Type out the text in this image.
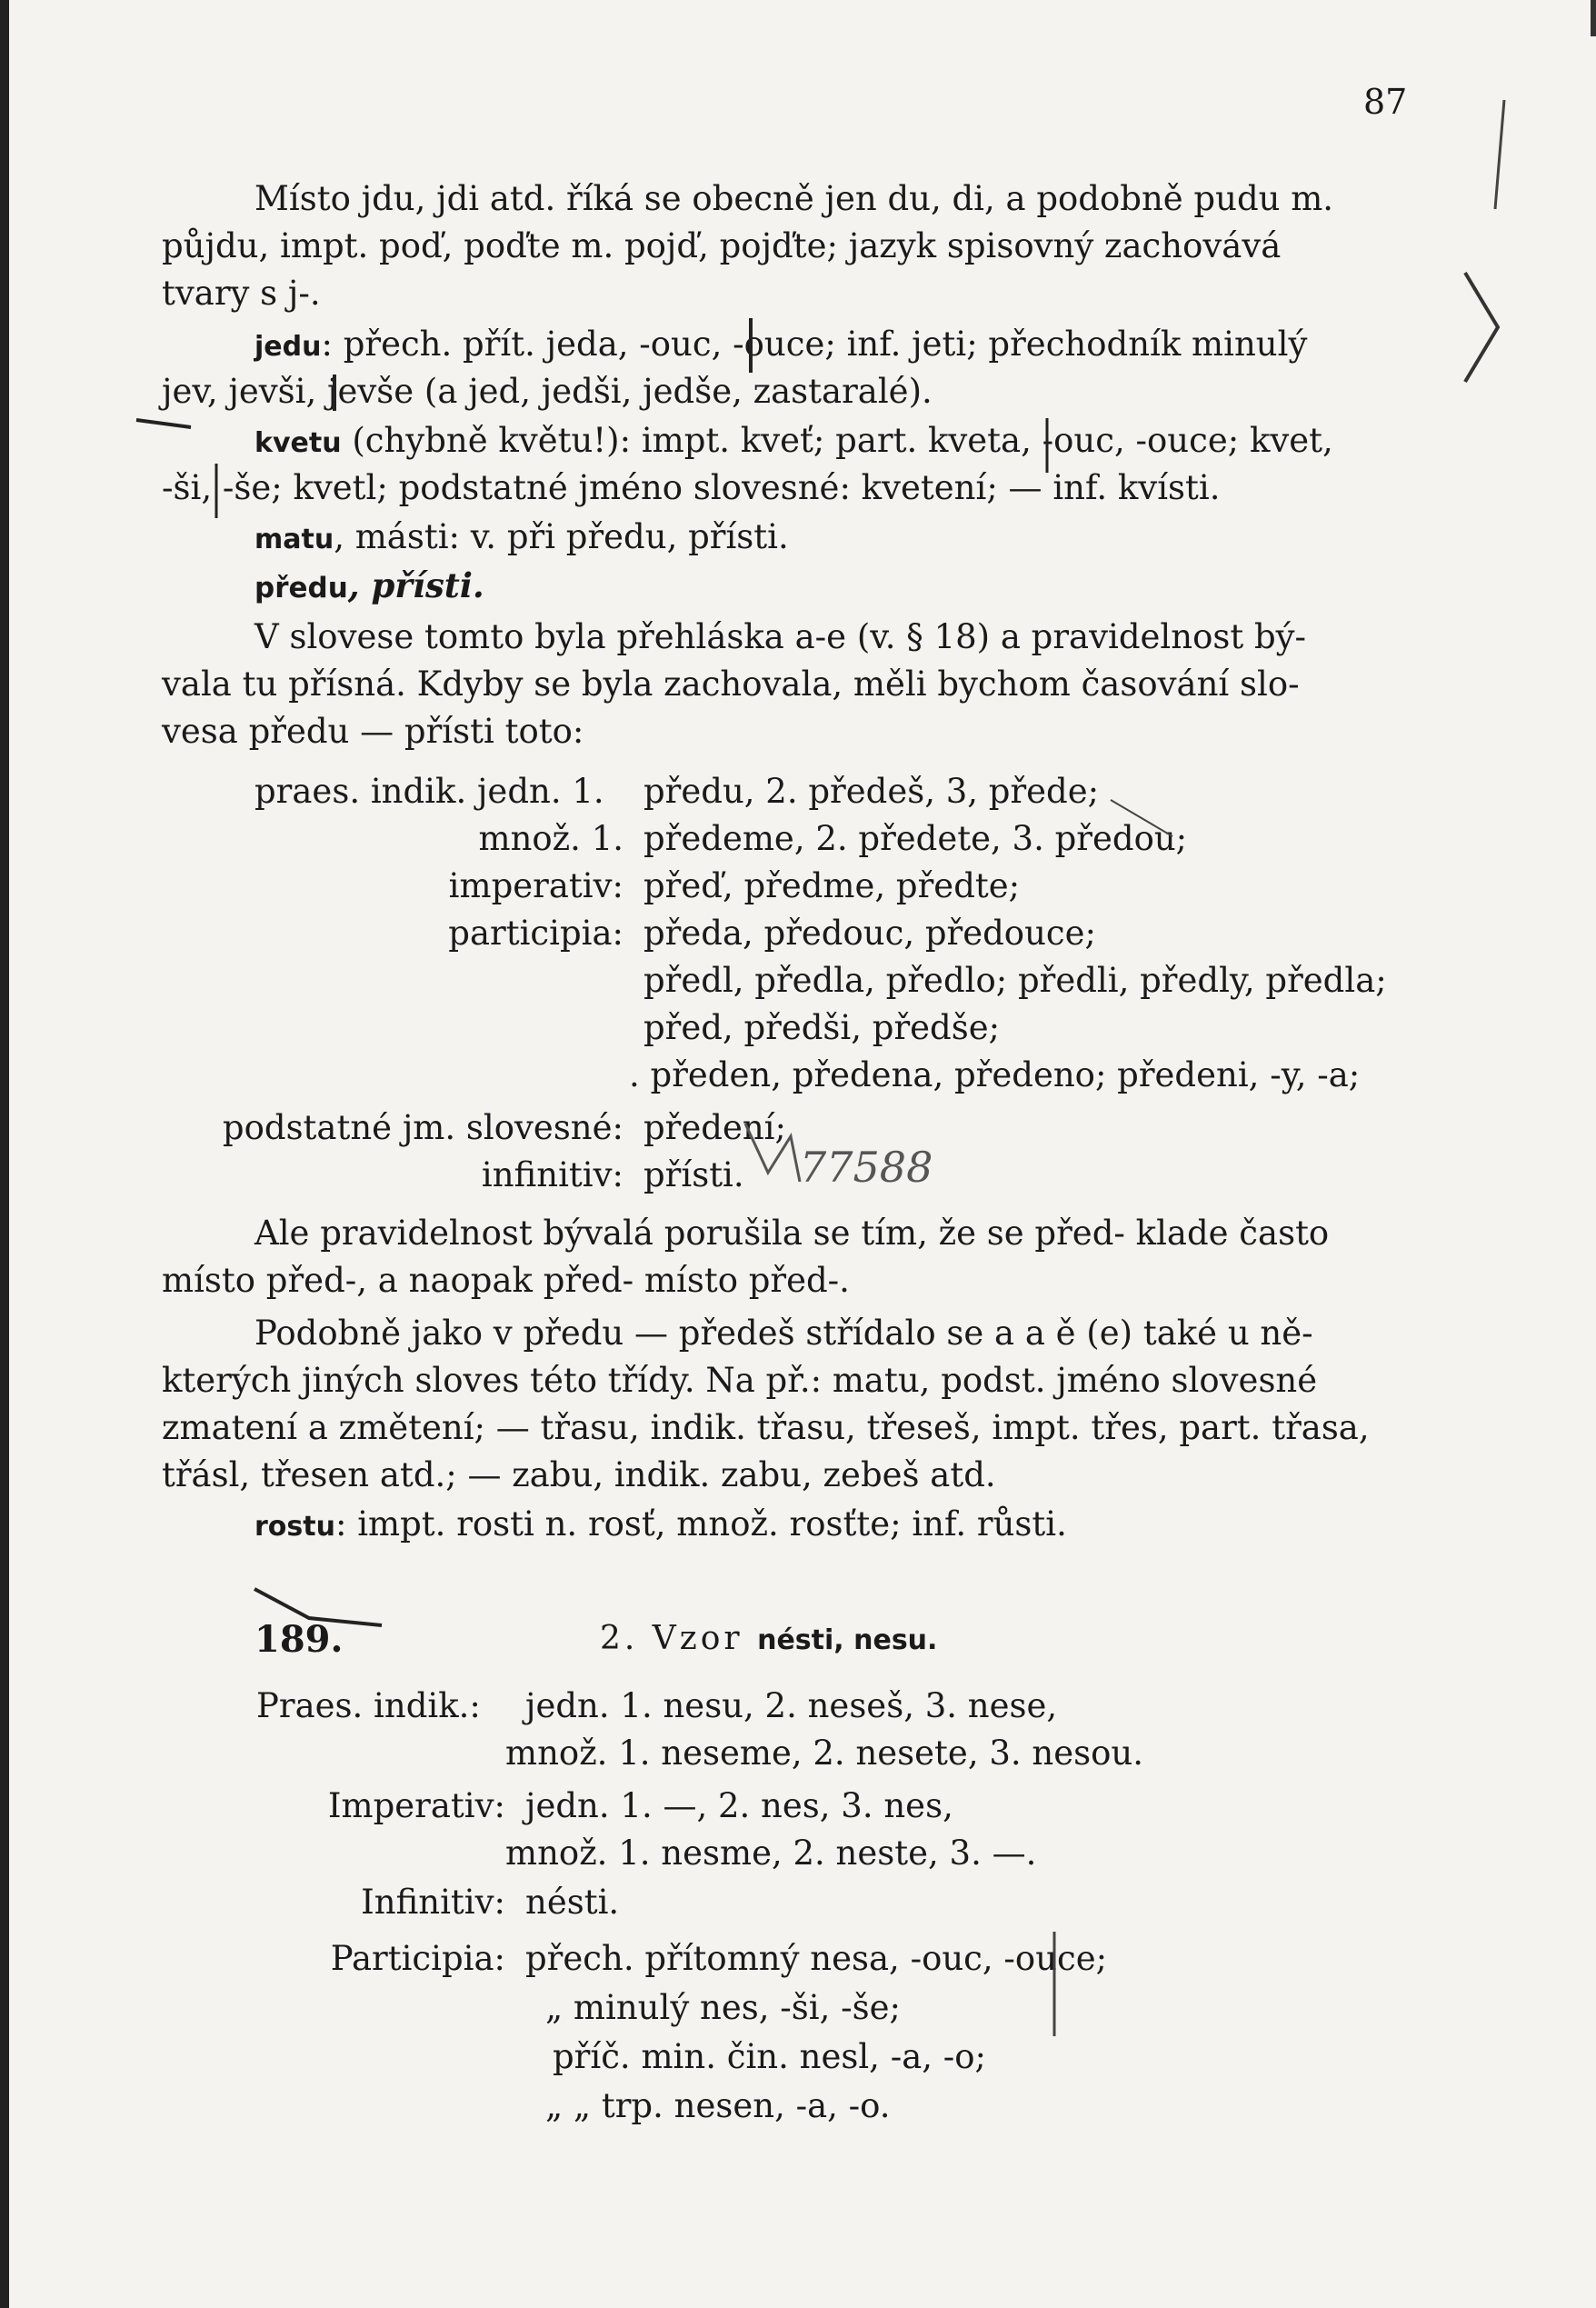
87
Místo jdu, jdi atd. říká se obecně jen du, di, a podobně pudu m.
půjdu, impt. poď, poďte m. pojď, pojďte; jazyk spisovný zachovává
tvary s j-.
jedu: přech. přít. jeda, -ouc, -ouce; inf. jeti; přechodník minulý
jev, jevši, jevše (a jed, jedši, jedše, zastaralé).
kvetu (chybně květu!): impt. kveť; part. kveta, -ouc, -ouce; kvet,
-ši, -še; kvetl; podstatné jméno slovesné: kvetení; — inf. kvísti.
matu, másti: v. při předu, přísti.
předu, přísti.
V slovese tomto byla přehláska a-e (v. § 18) a pravidelnost bý-
vala tu přísná. Kdyby se byla zachovala, měli bychom časování slo-
vesa předu — přísti toto:
praes. indik. jedn. 1. předu, 2. předeš, 3, přede;
množ. 1. předeme, 2. předete, 3. předou;
imperativ: přeď, předme, předte;
participia: předa, předouc, předouce;
předl, předla, předlo; předli, předly, předla;
před, předši, předše;
. předen, předena, předeno; předeni, -y, -a;
podstatné jm. slovesné: předení;
infinitiv: přísti.
Ale pravidelnost bývalá porušila se tím, že se před- klade často
místo před-, a naopak před- místo před-.
Podobně jako v předu — předeš střídalo se a a ě (e) také u ně-
kterých jiných sloves této třídy. Na př.: matu, podst. jméno slovesné
zmatení a změtení; — třasu, indik. třasu, třeseš, impt. třes, part. třasa,
třásl, třesen atd.; — zabu, indik. zabu, zebeš atd.
rostu: impt. rosti n. rosť, množ. rosťte; inf. růsti.
189.	2. Vzor nésti, nesu.
Praes. indik.: jedn. 1. nesu, 2. neseš, 3. nese,
množ. 1. neseme, 2. nesete, 3. nesou.
Imperativ: jedn. 1. —, 2. nes, 3. nes,
množ. 1. nesme, 2. neste, 3. —.
Infinitiv: nésti.
Participia: přech. přítomný nesa, -ouc, -ouce;
„ minulý nes, -ši, -še;
příč. min. čin. nesl, -a, -o;
„ „ trp. nesen, -a, -o.
77588
